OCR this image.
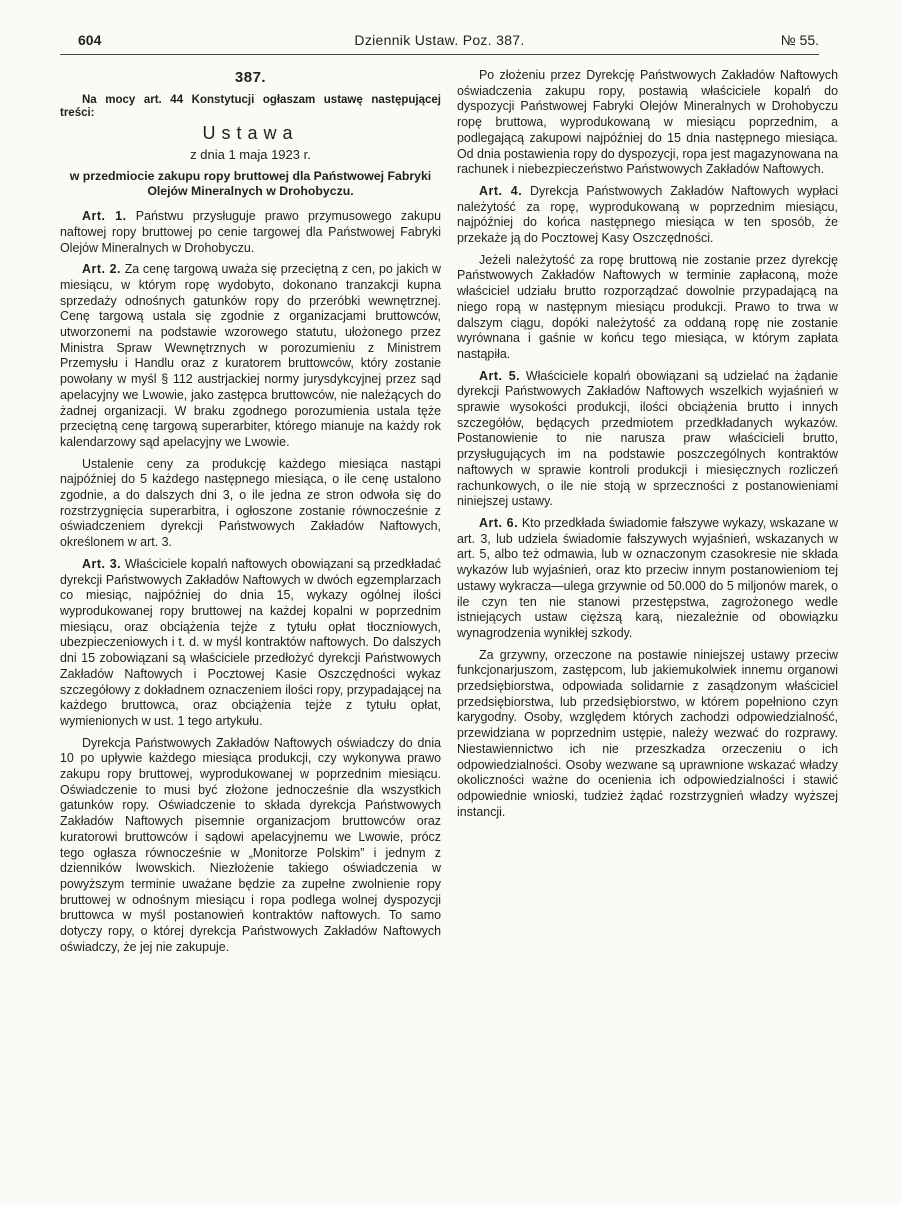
604	Dziennik Ustaw. Poz. 387.	№ 55.
387.

Na mocy art. 44 Konstytucji ogłaszam ustawę następującej treści:

Ustawa
z dnia 1 maja 1923 r.
w przedmiocie zakupu ropy bruttowej dla Państwowej Fabryki Olejów Mineralnych w Drohobyczu.

Art. 1. Państwu przysługuje prawo przymusowego zakupu naftowej ropy bruttowej po cenie targowej dla Państwowej Fabryki Olejów Mineralnych w Drohobyczu.

Art. 2. Za cenę targową uważa się przeciętną z cen, po jakich w miesiącu, w którym ropę wydobyto, dokonano tranzakcji kupna sprzedaży odnośnych gatunków ropy do przeróbki wewnętrznej. Cenę targową ustala się zgodnie z organizacjami bruttowców, utworzonemi na podstawie wzorowego statutu, ułożonego przez Ministra Spraw Wewnętrznych w porozumieniu z Ministrem Przemysłu i Handlu oraz z kuratorem bruttowców, który zostanie powołany w myśl § 112 austrjackiej normy jurysdykcyjnej przez sąd apelacyjny we Lwowie, jako zastępca bruttowców, nie należących do żadnej organizacji. W braku zgodnego porozumienia ustala tęże przeciętną cenę targową superarbiter, którego mianuje na każdy rok kalendarzowy sąd apelacyjny we Lwowie.

Ustalenie ceny za produkcję każdego miesiąca nastąpi najpóźniej do 5 każdego następnego miesiąca, o ile cenę ustalono zgodnie, a do dalszych dni 3, o ile jedna ze stron odwoła się do rozstrzygnięcia superarbitra, i ogłoszone zostanie równocześnie z oświadczeniem dyrekcji Państwowych Zakładów Naftowych, określonem w art. 3.

Art. 3. Właściciele kopalń naftowych obowiązani są przedkładać dyrekcji Państwowych Zakładów Naftowych w dwóch egzemplarzach co miesiąc, najpóźniej do dnia 15, wykazy ogólnej ilości wyprodukowanej ropy bruttowej na każdej kopalni w poprzednim miesiącu, oraz obciążenia tejże z tytułu opłat tłoczniowych, ubezpieczeniowych i t. d. w myśl kontraktów naftowych. Do dalszych dni 15 zobowiązani są właściciele przedłożyć dyrekcji Państwowych Zakładów Naftowych i Pocztowej Kasie Oszczędności wykaz szczegółowy z dokładnem oznaczeniem ilości ropy, przypadającej na każdego bruttowca, oraz obciążenia tejże z tytułu opłat, wymienionych w ust. 1 tego artykułu.

Dyrekcja Państwowych Zakładów Naftowych oświadczy do dnia 10 po upływie każdego miesiąca produkcji, czy wykonywa prawo zakupu ropy bruttowej, wyprodukowanej w poprzednim miesiącu. Oświadczenie to musi być złożone jednocześnie dla wszystkich gatunków ropy. Oświadczenie to składa dyrekcja Państwowych Zakładów Naftowych pisemnie organizacjom bruttowców oraz kuratorowi bruttowców i sądowi apelacyjnemu we Lwowie, prócz tego ogłasza równocześnie w „Monitorze Polskim” i jednym z dzienników lwowskich. Niezłożenie takiego oświadczenia w powyższym terminie uważane będzie za zupełne zwolnienie ropy bruttowej w odnośnym miesiącu i ropa podlega wolnej dyspozycji bruttowca w myśl postanowień kontraktów naftowych. To samo dotyczy ropy, o której dyrekcja Państwowych Zakładów Naftowych oświadczy, że jej nie zakupuje.

Po złożeniu przez Dyrekcję Państwowych Zakładów Naftowych oświadczenia zakupu ropy, postawią właściciele kopalń do dyspozycji Państwowej Fabryki Olejów Mineralnych w Drohobyczu ropę bruttowa, wyprodukowaną w miesiącu poprzednim, a podlegającą zakupowi najpóźniej do 15 dnia następnego miesiąca. Od dnia postawienia ropy do dyspozycji, ropa jest magazynowana na rachunek i niebezpieczeństwo Państwowych Zakładów Naftowych.

Art. 4. Dyrekcja Państwowych Zakładów Naftowych wypłaci należytość za ropę, wyprodukowaną w poprzednim miesiącu, najpóźniej do końca następnego miesiąca w ten sposób, że przekaże ją do Pocztowej Kasy Oszczędności.

Jeżeli należytość za ropę bruttową nie zostanie przez dyrekcję Państwowych Zakładów Naftowych w terminie zapłaconą, może właściciel udziału brutto rozporządzać dowolnie przypadającą na niego ropą w następnym miesiącu produkcji. Prawo to trwa w dalszym ciągu, dopóki należytość za oddaną ropę nie zostanie wyrównana i gaśnie w końcu tego miesiąca, w którym zapłata nastąpiła.

Art. 5. Właściciele kopalń obowiązani są udzielać na żądanie dyrekcji Państwowych Zakładów Naftowych wszelkich wyjaśnień w sprawie wysokości produkcji, ilości obciążenia brutto i innych szczegółów, będących przedmiotem przedkładanych wykazów. Postanowienie to nie narusza praw właścicieli brutto, przysługujących im na podstawie poszczególnych kontraktów naftowych w sprawie kontroli produkcji i miesięcznych rozliczeń rachunkowych, o ile nie stoją w sprzeczności z postanowieniami niniejszej ustawy.

Art. 6. Kto przedkłada świadomie fałszywe wykazy, wskazane w art. 3, lub udziela świadomie fałszywych wyjaśnień, wskazanych w art. 5, albo też odmawia, lub w oznaczonym czasokresie nie składa wykazów lub wyjaśnień, oraz kto przeciw innym postanowieniom tej ustawy wykracza—ulega grzywnie od 50.000 do 5 miljonów marek, o ile czyn ten nie stanowi przestępstwa, zagrożonego wedle istniejących ustaw cięższą karą, niezależnie od obowiązku wynagrodzenia wynikłej szkody.

Za grzywny, orzeczone na postawie niniejszej ustawy przeciw funkcjonarjuszom, zastępcom, lub jakiemukolwiek innemu organowi przedsiębiorstwa, odpowiada solidarnie z zasądzonym właściciel przedsiębiorstwa, lub przedsiębiorstwo, w którem popełniono czyn karygodny. Osoby, względem których zachodzi odpowiedzialność, przewidziana w poprzednim ustępie, należy wezwać do rozprawy. Niestawiennictwo ich nie przeszkadza orzeczeniu o ich odpowiedzialności. Osoby wezwane są uprawnione wskazać władzy okoliczności ważne do ocenienia ich odpowiedzialności i stawić odpowiednie wnioski, tudzież żądać rozstrzygnień władzy wyższej instancji.
